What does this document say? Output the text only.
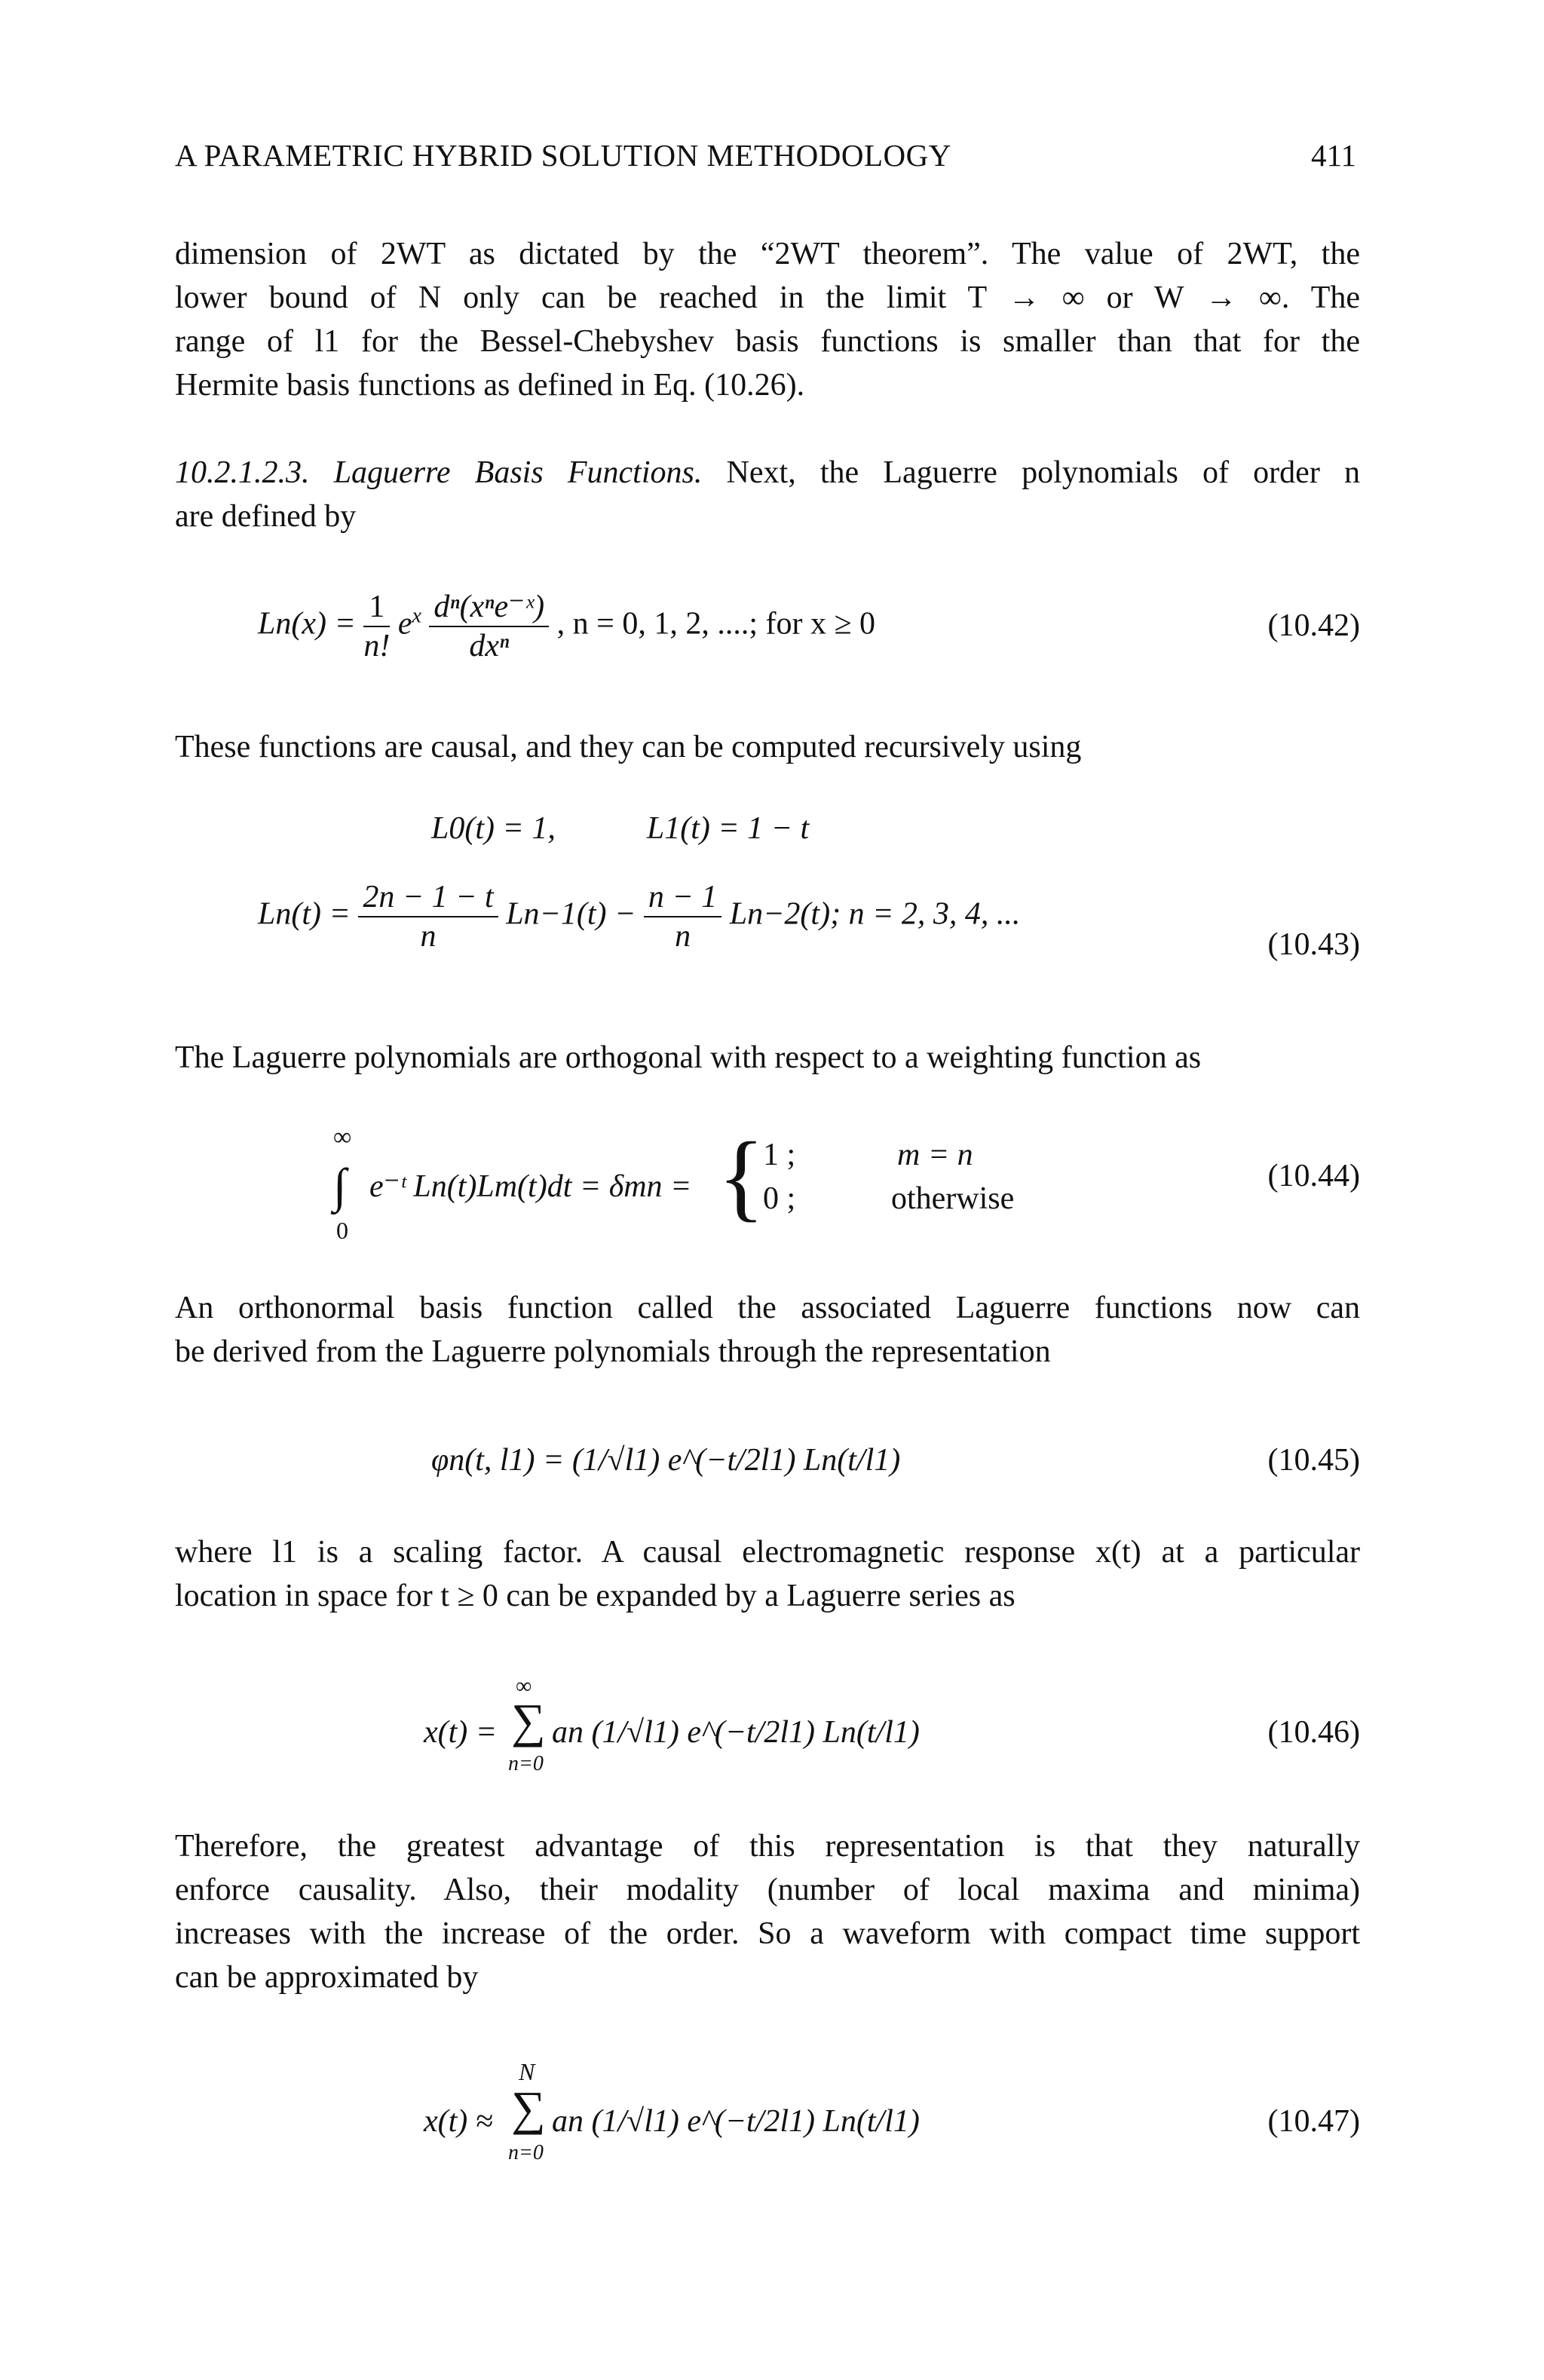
A PARAMETRIC HYBRID SOLUTION METHODOLOGY	411
dimension of 2WT as dictated by the “2WT theorem”. The value of 2WT, the
lower bound of N only can be reached in the limit T → ∞ or W → ∞. The
range of l1 for the Bessel-Chebyshev basis functions is smaller than that for the
Hermite basis functions as defined in Eq. (10.26).
10.2.1.2.3. Laguerre Basis Functions. Next, the Laguerre polynomials of order n
are defined by
$Ln(x) = \frac{1}{n!} e^x \frac{\text{dⁿ(xⁿe⁻ˣ)}}{\text{dxⁿ}}$ , n = 0, 1, 2, ....; for x ≥ 0	(10.42)
These functions are causal, and they can be computed recursively using
L0(t) = 1,	L1(t) = 1 − t
$Ln(t) = \frac{2n - 1 - t}{n} Ln-1(t) - \frac{n - 1}{n} Ln-2(t)$; n = 2, 3, 4, ...
(10.43)
The Laguerre polynomials are orthogonal with respect to a weighting function as
∞
∫
0
e⁻ᵗ Ln(t)Lm(t)dt = δmn = {
1 ;	m = n
0 ;	otherwise
(10.44)
An orthonormal basis function called the associated Laguerre functions now can
be derived from the Laguerre polynomials through the representation
φn(t, l1) = (1/√l1) e^(−t/2l1) Ln(t/l1)	(10.45)
where l1 is a scaling factor. A causal electromagnetic response x(t) at a particular
location in space for t ≥ 0 can be expanded by a Laguerre series as
x(t) =
∞
∑
n=0
an (1/√l1) e^(−t/2l1) Ln(t/l1)	(10.46)
Therefore, the greatest advantage of this representation is that they naturally
enforce causality. Also, their modality (number of local maxima and minima)
increases with the increase of the order. So a waveform with compact time support
can be approximated by
x(t) ≈
N
∑
n=0
an (1/√l1) e^(−t/2l1) Ln(t/l1)	(10.47)
